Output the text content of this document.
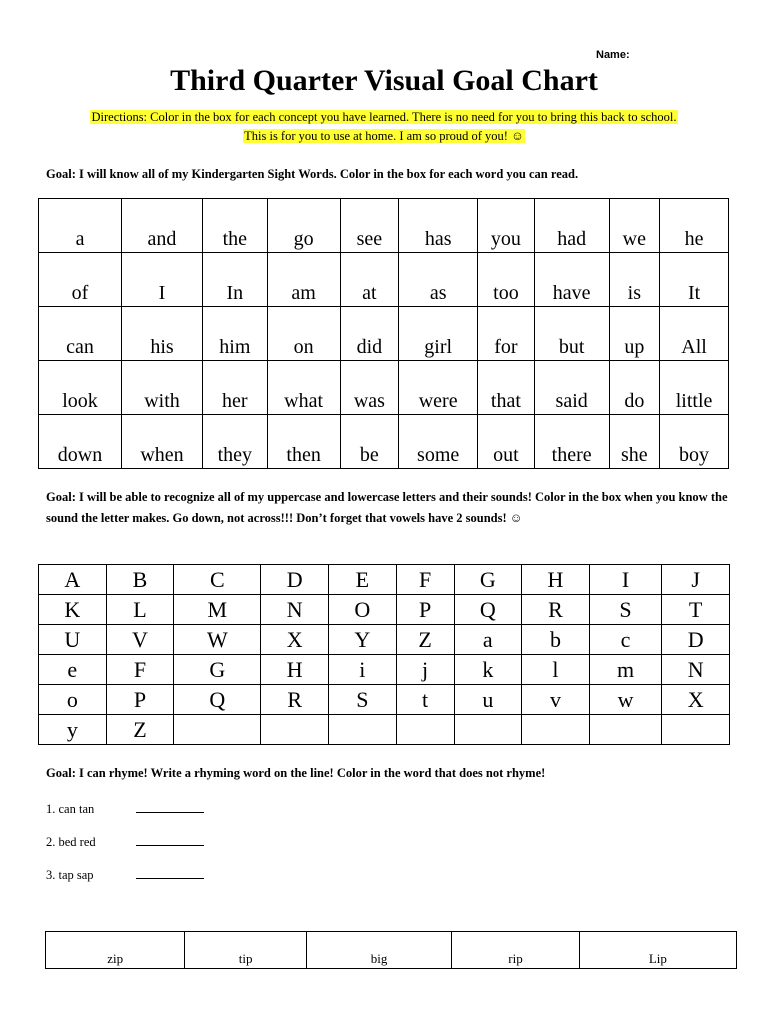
Name:
Third Quarter Visual Goal Chart
Directions: Color in the box for each concept you have learned. There is no need for you to bring this back to school.
This is for you to use at home. I am so proud of you! ☺
Goal: I will know all of my Kindergarten Sight Words. Color in the box for each word you can read.
a	and	the	go	see	has	you	had	we	he
of	I	In	am	at	as	too	have	is	It
can	his	him	on	did	girl	for	but	up	All
look	with	her	what	was	were	that	said	do	little
down	when	they	then	be	some	out	there	she	boy
Goal: I will be able to recognize all of my uppercase and lowercase letters and their sounds! Color in the box when you know the sound the letter makes. Go down, not across!!! Don’t forget that vowels have 2 sounds! ☺
A	B	C	D	E	F	G	H	I	J
K	L	M	N	O	P	Q	R	S	T
U	V	W	X	Y	Z	a	b	c	D
e	F	G	H	i	j	k	l	m	N
o	P	Q	R	S	t	u	v	w	X
y	Z								
Goal: I can rhyme! Write a rhyming word on the line! Color in the word that does not rhyme!
1. can tan
2. bed red
3. tap sap
zip	tip	big	rip	Lip
